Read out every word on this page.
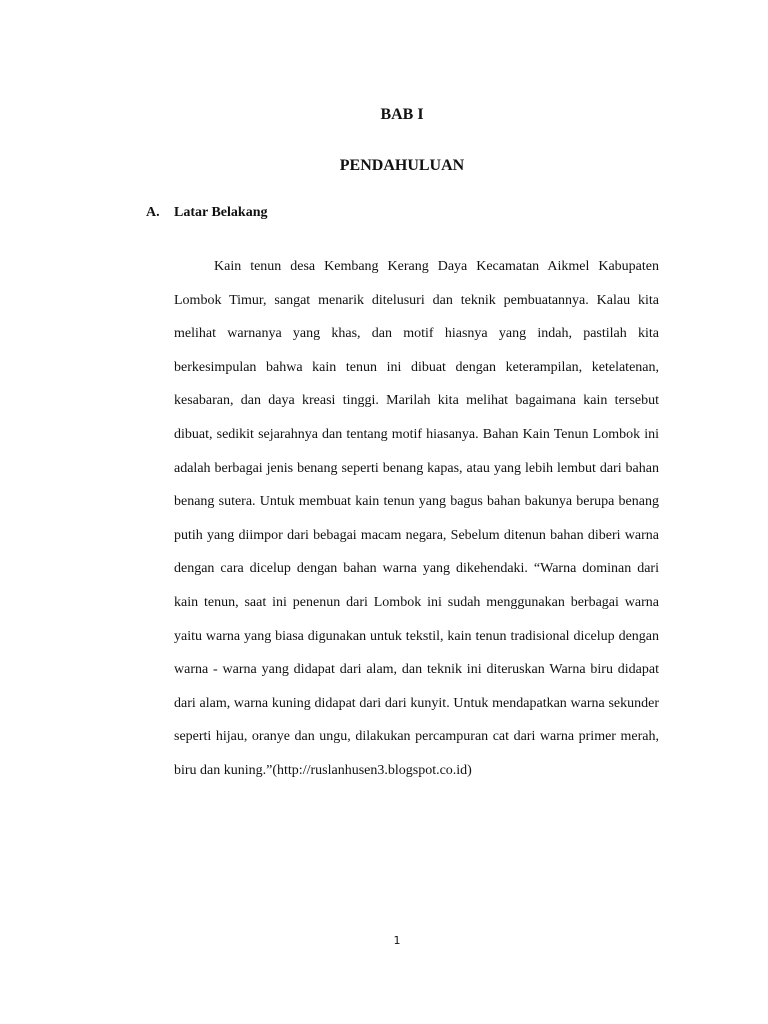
BAB I
PENDAHULUAN
A. Latar Belakang

Kain tenun desa Kembang Kerang Daya Kecamatan Aikmel Kabupaten Lombok Timur, sangat menarik ditelusuri dan teknik pembuatannya. Kalau kita melihat warnanya yang khas, dan motif hiasnya yang indah, pastilah kita berkesimpulan bahwa kain tenun ini dibuat dengan keterampilan, ketelatenan, kesabaran, dan daya kreasi tinggi. Marilah kita melihat bagaimana kain tersebut dibuat, sedikit sejarahnya dan tentang motif hiasanya. Bahan Kain Tenun Lombok ini adalah berbagai jenis benang seperti benang kapas, atau yang lebih lembut dari bahan benang sutera. Untuk membuat kain tenun yang bagus bahan bakunya berupa benang putih yang diimpor dari bebagai macam negara, Sebelum ditenun bahan diberi warna dengan cara dicelup dengan bahan warna yang dikehendaki. “Warna dominan dari kain tenun, saat ini penenun dari Lombok ini sudah menggunakan berbagai warna yaitu warna yang biasa digunakan untuk tekstil, kain tenun tradisional dicelup dengan warna - warna yang didapat dari alam, dan teknik ini diteruskan Warna biru didapat dari alam, warna kuning didapat dari dari kunyit. Untuk mendapatkan warna sekunder seperti hijau, oranye dan ungu, dilakukan percampuran cat dari warna primer merah, biru dan kuning.”(http://ruslanhusen3.blogspot.co.id)

1
